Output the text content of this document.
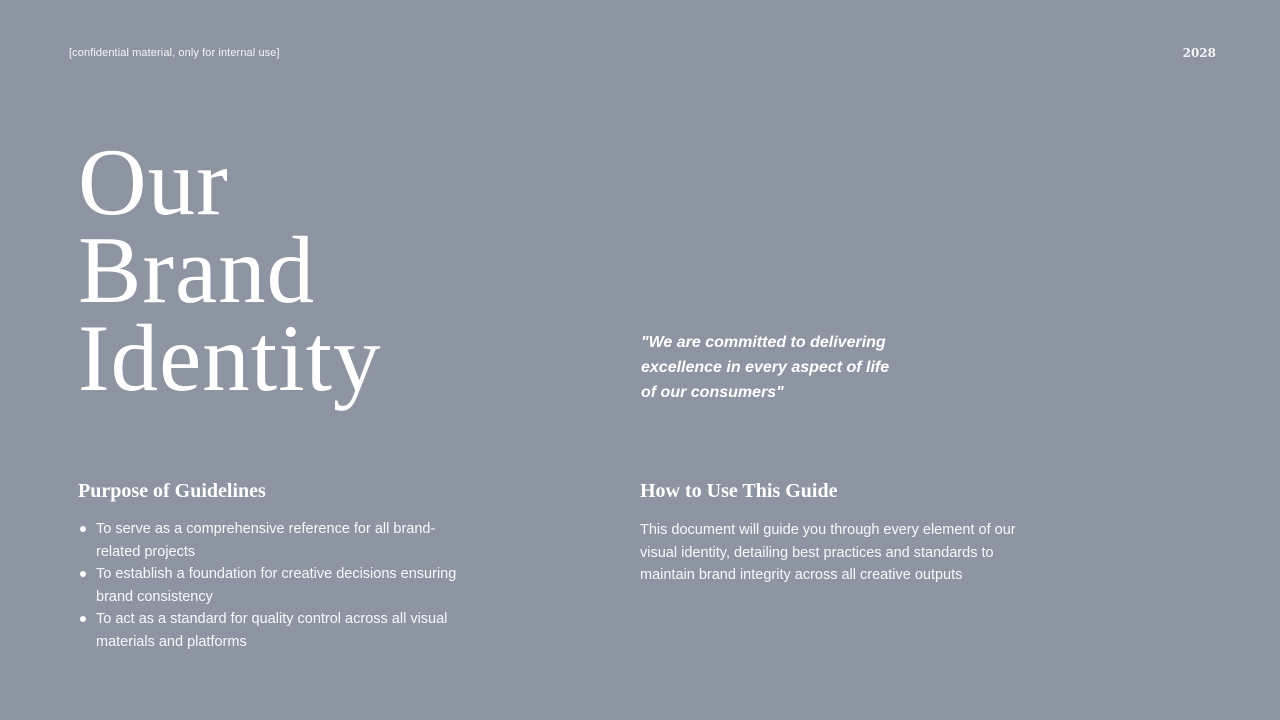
[confidential material, only for internal use]	2028
Our
Brand
Identity	"We are committed to delivering
excellence in every aspect of life
of our consumers"
Purpose of Guidelines
To serve as a comprehensive reference for all brand-related projects
To establish a foundation for creative decisions ensuring brand consistency
To act as a standard for quality control across all visual materials and platforms
How to Use This Guide

This document will guide you through every element of our visual identity, detailing best practices and standards to maintain brand integrity across all creative outputs
